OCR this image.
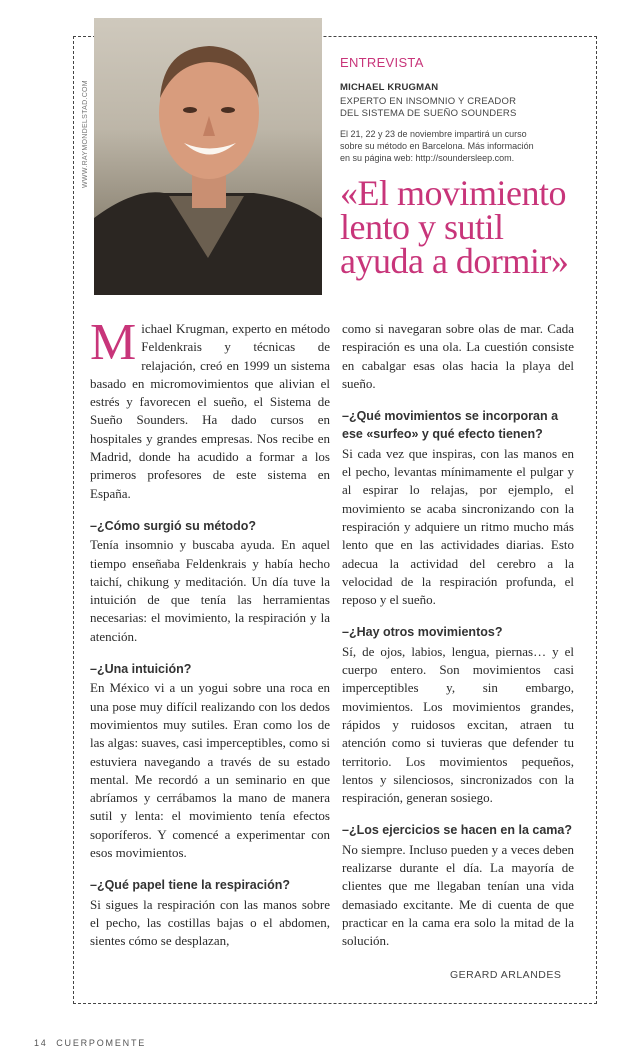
WWW.RAYMONDELSTAD.COM
ENTREVISTA
MICHAEL KRUGMAN
EXPERTO EN INSOMNIO Y CREADOR
DEL SISTEMA DE SUEÑO SOUNDERS
El 21, 22 y 23 de noviembre impartirá un curso
sobre su método en Barcelona. Más información
en su página web: http://soundersleep.com.
«El movimiento
lento y sutil
ayuda a dormir»

Michael Krugman, experto en método Feldenkrais y técnicas de relajación, creó en 1999 un sistema basado en micromovimientos que alivian el estrés y favorecen el sueño, el Sistema de Sueño Sounders. Ha dado cursos en hospitales y grandes empresas. Nos recibe en Madrid, donde ha acudido a formar a los primeros profesores de este sistema en España.

–¿Cómo surgió su método?

Tenía insomnio y buscaba ayuda. En aquel tiempo enseñaba Feldenkrais y había hecho taichí, chikung y meditación. Un día tuve la intuición de que tenía las herramientas necesarias: el movimiento, la respiración y la atención.

–¿Una intuición?

En México vi a un yogui sobre una roca en una pose muy difícil realizando con los dedos movimientos muy sutiles. Eran como los de las algas: suaves, casi imperceptibles, como si estuviera navegando a través de su estado mental. Me recordó a un seminario en que abríamos y cerrábamos la mano de manera sutil y lenta: el movimiento tenía efectos soporíferos. Y comencé a experimentar con esos movimientos.

–¿Qué papel tiene la respiración?

Si sigues la respiración con las manos sobre el pecho, las costillas bajas o el abdomen, sientes cómo se desplazan,

como si navegaran sobre olas de mar. Cada respiración es una ola. La cuestión consiste en cabalgar esas olas hacia la playa del sueño.

–¿Qué movimientos se incorporan a ese «surfeo» y qué efecto tienen?

Si cada vez que inspiras, con las manos en el pecho, levantas mínimamente el pulgar y al espirar lo relajas, por ejemplo, el movimiento se acaba sincronizando con la respiración y adquiere un ritmo mucho más lento que en las actividades diarias. Esto adecua la actividad del cerebro a la velocidad de la respiración profunda, el reposo y el sueño.

–¿Hay otros movimientos?

Sí, de ojos, labios, lengua, piernas… y el cuerpo entero. Son movimientos casi imperceptibles y, sin embargo, movimientos. Los movimientos grandes, rápidos y ruidosos excitan, atraen tu atención como si tuvieras que defender tu territorio. Los movimientos pequeños, lentos y silenciosos, sincronizados con la respiración, generan sosiego.

–¿Los ejercicios se hacen en la cama?

No siempre. Incluso pueden y a veces deben realizarse durante el día. La mayoría de clientes que me llegaban tenían una vida demasiado excitante. Me di cuenta de que practicar en la cama era solo la mitad de la solución.

GERARD ARLANDES
14 CUERPOMENTE
